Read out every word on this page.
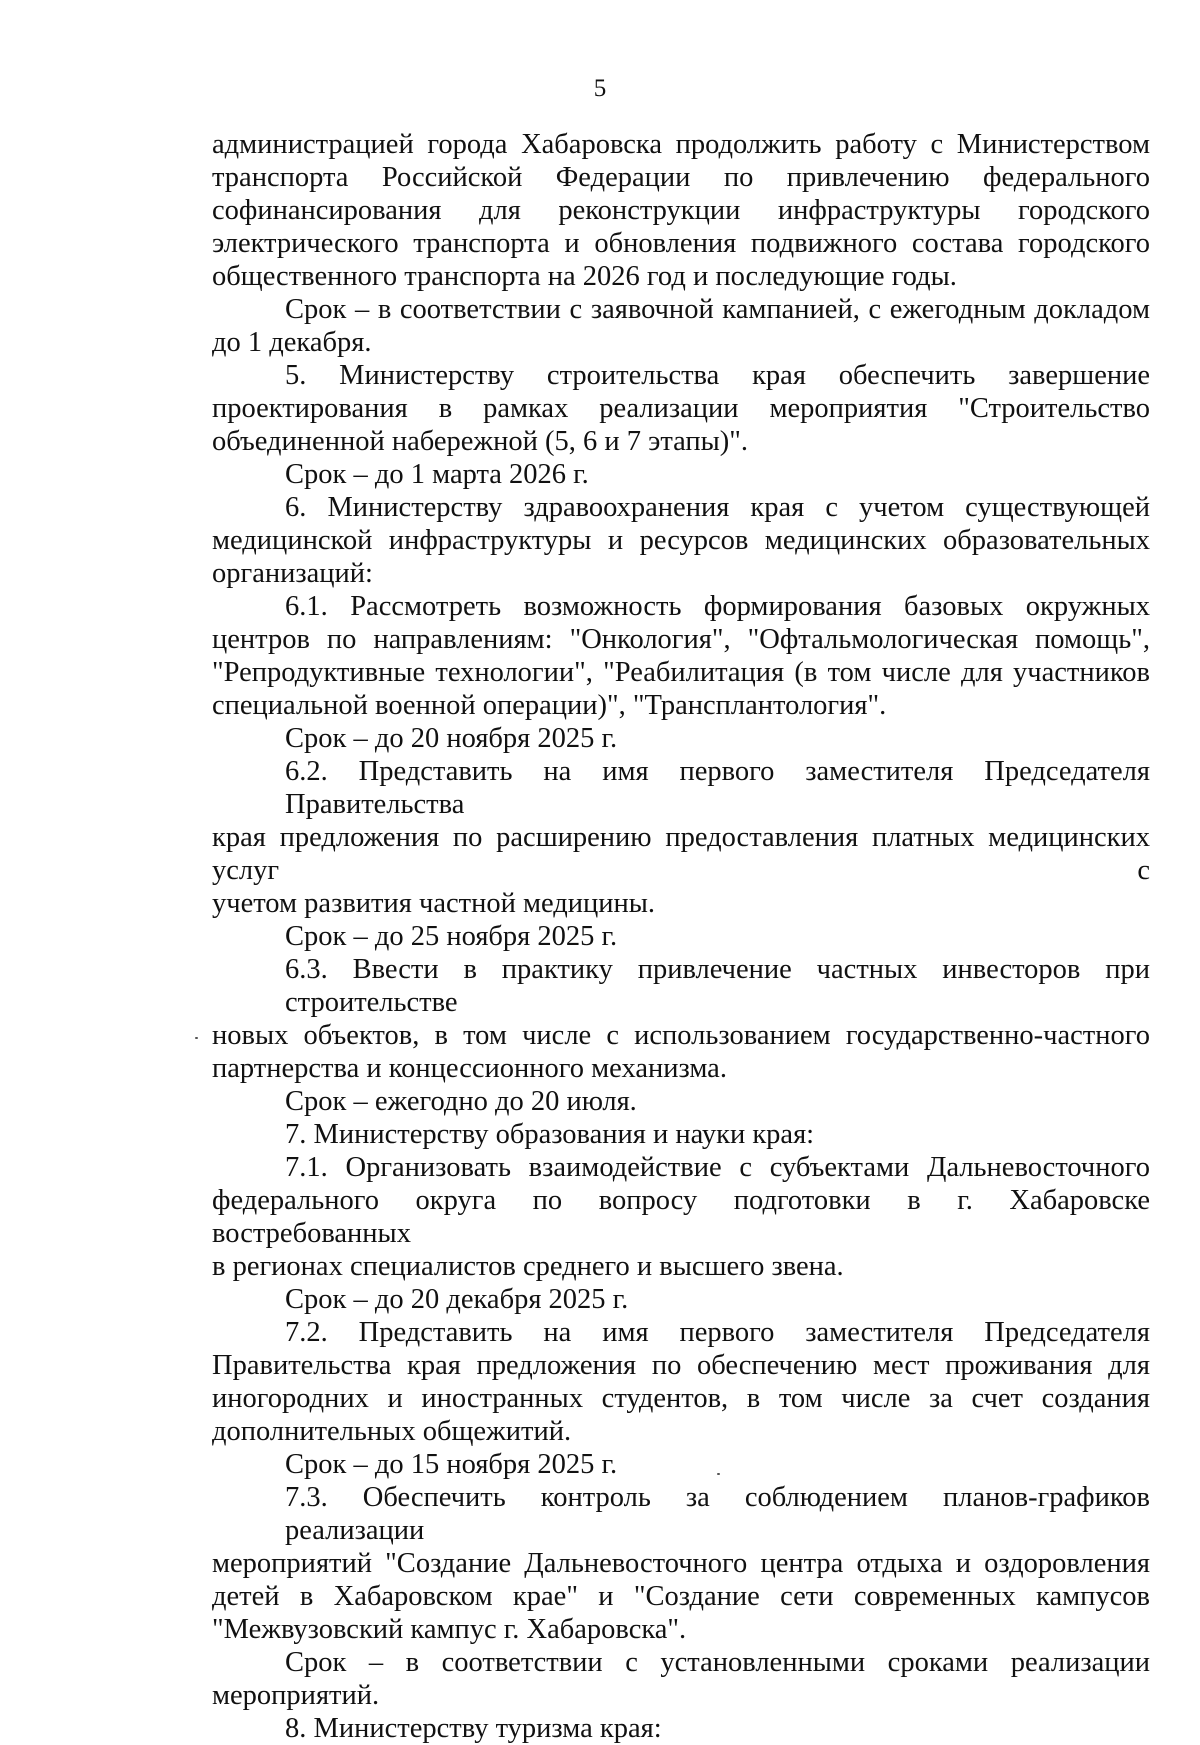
5
администрацией города Хабаровска продолжить работу с Министерством
транспорта Российской Федерации по привлечению федерального
софинансирования для реконструкции инфраструктуры городского
электрического транспорта и обновления подвижного состава городского
общественного транспорта на 2026 год и последующие годы.
Срок – в соответствии с заявочной кампанией, с ежегодным докладом
до 1 декабря.
5. Министерству строительства края обеспечить завершение
проектирования в рамках реализации мероприятия "Строительство
объединенной набережной (5, 6 и 7 этапы)".
Срок – до 1 марта 2026 г.
6. Министерству здравоохранения края с учетом существующей
медицинской инфраструктуры и ресурсов медицинских образовательных
организаций:
6.1. Рассмотреть возможность формирования базовых окружных
центров по направлениям: "Онкология", "Офтальмологическая помощь",
"Репродуктивные технологии", "Реабилитация (в том числе для участников
специальной военной операции)", "Трансплантология".
Срок – до 20 ноября 2025 г.
6.2. Представить на имя первого заместителя Председателя Правительства
края предложения по расширению предоставления платных медицинских услуг с
учетом развития частной медицины.
Срок – до 25 ноября 2025 г.
6.3. Ввести в практику привлечение частных инвесторов при строительстве
новых объектов, в том числе с использованием государственно-частного
партнерства и концессионного механизма.
Срок – ежегодно до 20 июля.
7. Министерству образования и науки края:
7.1. Организовать взаимодействие с субъектами Дальневосточного
федерального округа по вопросу подготовки в г. Хабаровске востребованных
в регионах специалистов среднего и высшего звена.
Срок – до 20 декабря 2025 г.
7.2. Представить на имя первого заместителя Председателя
Правительства края предложения по обеспечению мест проживания для
иногородних и иностранных студентов, в том числе за счет создания
дополнительных общежитий.
Срок – до 15 ноября 2025 г.
7.3. Обеспечить контроль за соблюдением планов-графиков реализации
мероприятий "Создание Дальневосточного центра отдыха и оздоровления
детей в Хабаровском крае" и "Создание сети современных кампусов
"Межвузовский кампус г. Хабаровска".
Срок – в соответствии с установленными сроками реализации
мероприятий.
8. Министерству туризма края:
